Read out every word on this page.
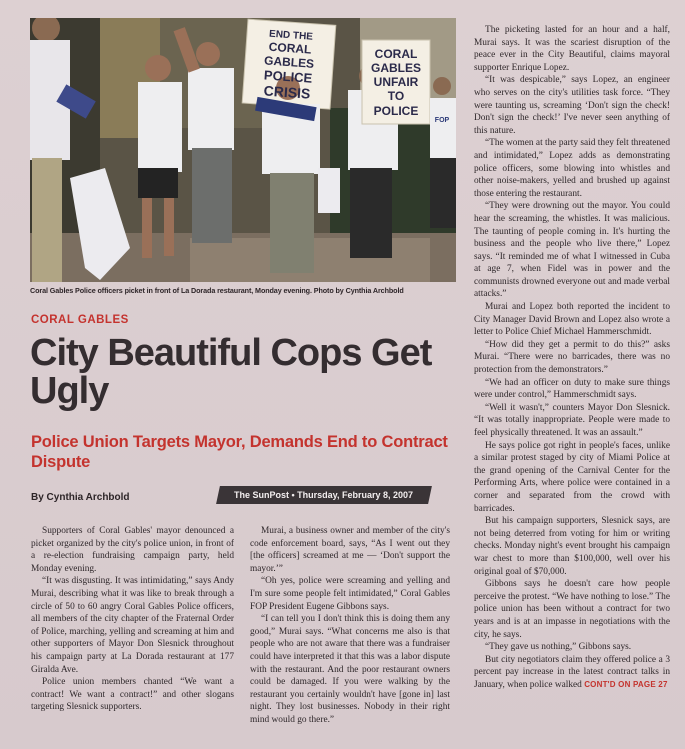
END THE
CORAL
GABLES
POLICE
CRISIS
CORAL
GABLES
UNFAIR
TO
POLICE
FOP
Coral Gables Police officers picket in front of La Dorada restaurant, Monday evening. Photo by Cynthia Archbold
CORAL GABLES
City Beautiful Cops Get Ugly
Police Union Targets Mayor, Demands End to Contract Dispute
By Cynthia Archbold	The SunPost • Thursday, February 8, 2007

Supporters of Coral Gables' mayor denounced a picket organized by the city's police union, in front of a re-election fundraising campaign party, held Monday evening.

“It was disgusting. It was intimidating,” says Andy Murai, describing what it was like to break through a circle of 50 to 60 angry Coral Gables Police officers, all members of the city chapter of the Fraternal Order of Police, marching, yelling and screaming at him and other supporters of Mayor Don Slesnick throughout his campaign party at La Dorada restaurant at 177 Giralda Ave.

Police union members chanted “We want a contract! We want a contract!” and other slogans targeting Slesnick supporters.

Murai, a business owner and member of the city's code enforcement board, says, “As I went out they [the officers] screamed at me — ‘Don't support the mayor.’”

“Oh yes, police were screaming and yelling and I'm sure some people felt intimidated,” Coral Gables FOP President Eugene Gibbons says.

“I can tell you I don't think this is doing them any good,” Murai says. “What concerns me also is that people who are not aware that there was a fundraiser could have interpreted it that this was a labor dispute with the restaurant. And the poor restaurant owners could be damaged. If you were walking by the restaurant you certainly wouldn't have [gone in] last night. They lost businesses. Nobody in their right mind would go there.”

The picketing lasted for an hour and a half, Murai says. It was the scariest disruption of the peace ever in the City Beautiful, claims mayoral supporter Enrique Lopez.

“It was despicable,” says Lopez, an engineer who serves on the city's utilities task force. “They were taunting us, screaming ‘Don't sign the check! Don't sign the check!’ I've never seen anything of this nature.

“The women at the party said they felt threatened and intimidated,” Lopez adds as demonstrating police officers, some blowing into whistles and other noise-makers, yelled and brushed up against those entering the restaurant.

“They were drowning out the mayor. You could hear the screaming, the whistles. It was malicious. The taunting of people coming in. It's hurting the business and the people who live there,” Lopez says. “It reminded me of what I witnessed in Cuba at age 7, when Fidel was in power and the communists drowned everyone out and made verbal attacks.”

Murai and Lopez both reported the incident to City Manager David Brown and Lopez also wrote a letter to Police Chief Michael Hammerschmidt.

“How did they get a permit to do this?” asks Murai. “There were no barricades, there was no protection from the demonstrators.”

“We had an officer on duty to make sure things were under control,” Hammerschmidt says.

“Well it wasn't,” counters Mayor Don Slesnick. “It was totally inappropriate. People were made to feel physically threatened. It was an assault.”

He says police got right in people's faces, unlike a similar protest staged by city of Miami Police at the grand opening of the Carnival Center for the Performing Arts, where police were contained in a corner and separated from the crowd with barricades.

But his campaign supporters, Slesnick says, are not being deterred from voting for him or writing checks. Monday night's event brought his campaign war chest to more than $100,000, well over his original goal of $70,000.

Gibbons says he doesn't care how people perceive the protest. “We have nothing to lose.” The police union has been without a contract for two years and is at an impasse in negotiations with the city, he says.

“They gave us nothing,” Gibbons says.

But city negotiators claim they offered police a 3 percent pay increase in the latest contract talks in January, when police walked CONT'D ON PAGE 27
